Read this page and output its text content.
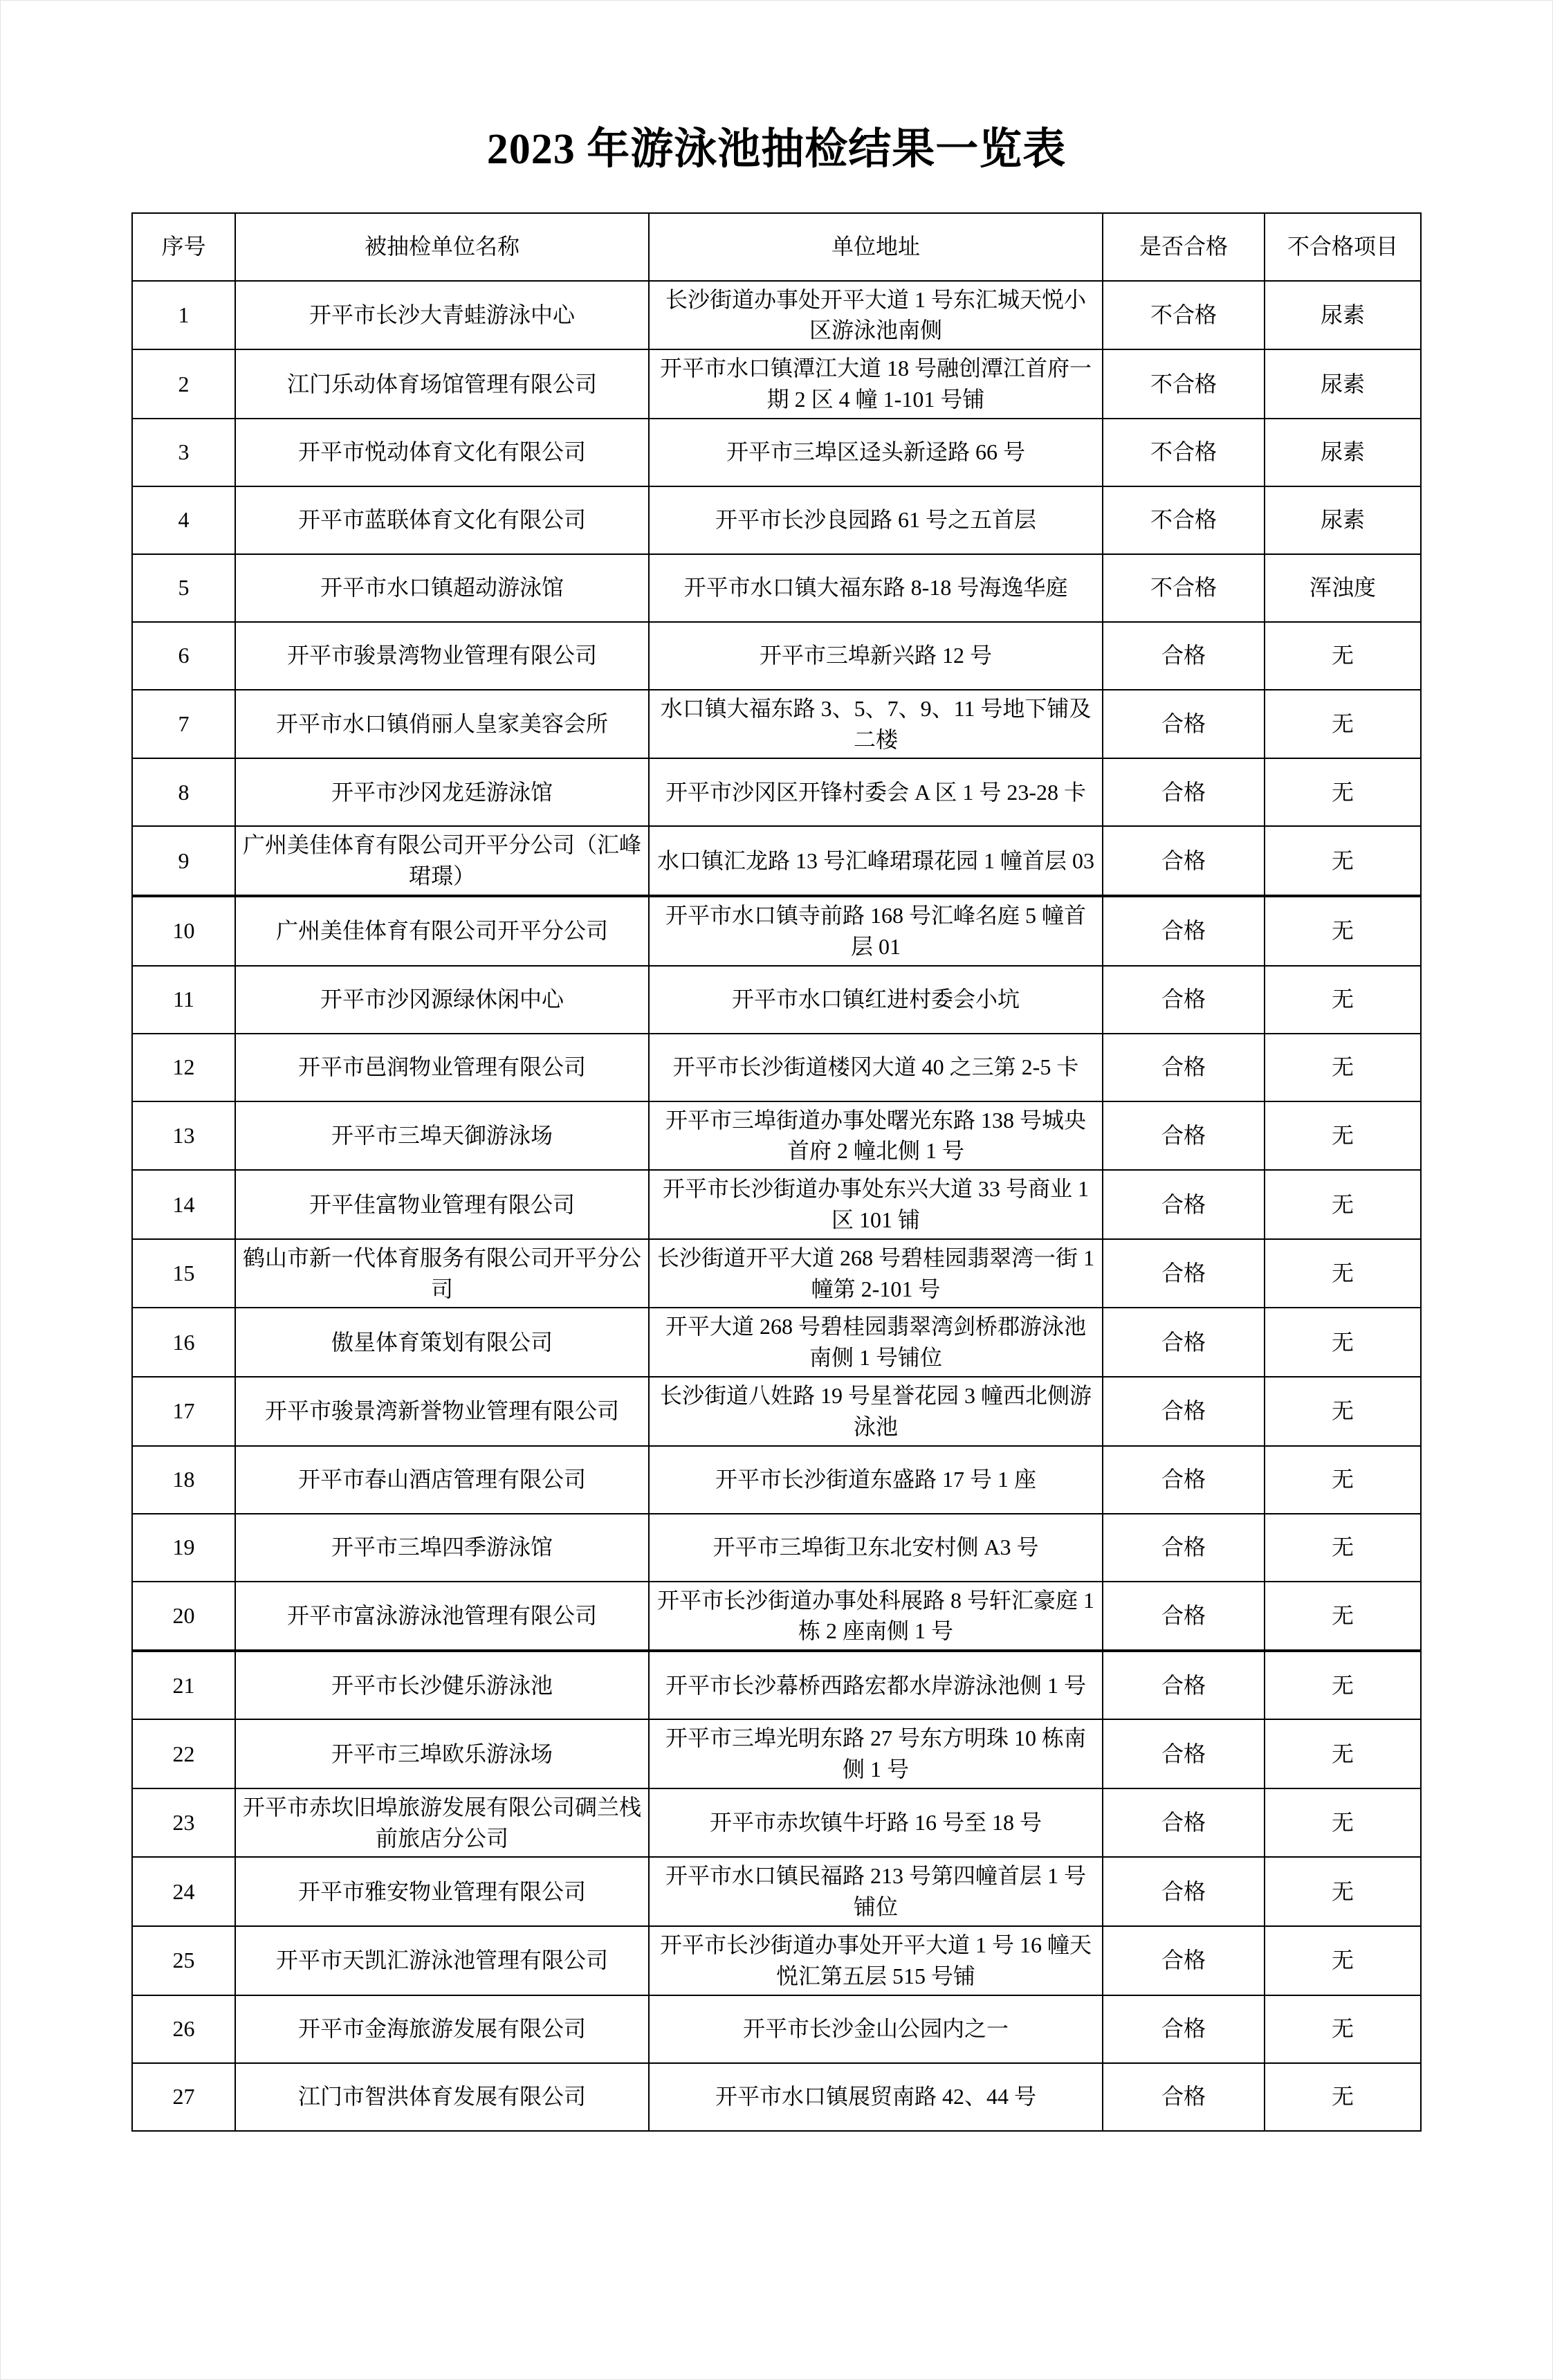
2023 年游泳池抽检结果一览表
序号	被抽检单位名称	单位地址	是否合格	不合格项目
1	开平市长沙大青蛙游泳中心	长沙街道办事处开平大道 1 号东汇城天悦小区游泳池南侧	不合格	尿素
2	江门乐动体育场馆管理有限公司	开平市水口镇潭江大道 18 号融创潭江首府一期 2 区 4 幢 1-101 号铺	不合格	尿素
3	开平市悦动体育文化有限公司	开平市三埠区迳头新迳路 66 号	不合格	尿素
4	开平市蓝联体育文化有限公司	开平市长沙良园路 61 号之五首层	不合格	尿素
5	开平市水口镇超动游泳馆	开平市水口镇大福东路 8-18 号海逸华庭	不合格	浑浊度
6	开平市骏景湾物业管理有限公司	开平市三埠新兴路 12 号	合格	无
7	开平市水口镇俏丽人皇家美容会所	水口镇大福东路 3、5、7、9、11 号地下铺及二楼	合格	无
8	开平市沙冈龙廷游泳馆	开平市沙冈区开锋村委会 A 区 1 号 23-28 卡	合格	无
9	广州美佳体育有限公司开平分公司（汇峰珺璟）	水口镇汇龙路 13 号汇峰珺璟花园 1 幢首层 03	合格	无
10	广州美佳体育有限公司开平分公司	开平市水口镇寺前路 168 号汇峰名庭 5 幢首层 01	合格	无
11	开平市沙冈源绿休闲中心	开平市水口镇红进村委会小坑	合格	无
12	开平市邑润物业管理有限公司	开平市长沙街道楼冈大道 40 之三第 2-5 卡	合格	无
13	开平市三埠天御游泳场	开平市三埠街道办事处曙光东路 138 号城央首府 2 幢北侧 1 号	合格	无
14	开平佳富物业管理有限公司	开平市长沙街道办事处东兴大道 33 号商业 1 区 101 铺	合格	无
15	鹤山市新一代体育服务有限公司开平分公司	长沙街道开平大道 268 号碧桂园翡翠湾一街 1 幢第 2-101 号	合格	无
16	傲星体育策划有限公司	开平大道 268 号碧桂园翡翠湾剑桥郡游泳池南侧 1 号铺位	合格	无
17	开平市骏景湾新誉物业管理有限公司	长沙街道八姓路 19 号星誉花园 3 幢西北侧游泳池	合格	无
18	开平市春山酒店管理有限公司	开平市长沙街道东盛路 17 号 1 座	合格	无
19	开平市三埠四季游泳馆	开平市三埠街卫东北安村侧 A3 号	合格	无
20	开平市富泳游泳池管理有限公司	开平市长沙街道办事处科展路 8 号轩汇豪庭 1 栋 2 座南侧 1 号	合格	无
21	开平市长沙健乐游泳池	开平市长沙幕桥西路宏都水岸游泳池侧 1 号	合格	无
22	开平市三埠欧乐游泳场	开平市三埠光明东路 27 号东方明珠 10 栋南侧 1 号	合格	无
23	开平市赤坎旧埠旅游发展有限公司碉兰栈前旅店分公司	开平市赤坎镇牛圩路 16 号至 18 号	合格	无
24	开平市雅安物业管理有限公司	开平市水口镇民福路 213 号第四幢首层 1 号铺位	合格	无
25	开平市天凯汇游泳池管理有限公司	开平市长沙街道办事处开平大道 1 号 16 幢天悦汇第五层 515 号铺	合格	无
26	开平市金海旅游发展有限公司	开平市长沙金山公园内之一	合格	无
27	江门市智洪体育发展有限公司	开平市水口镇展贸南路 42、44 号	合格	无
